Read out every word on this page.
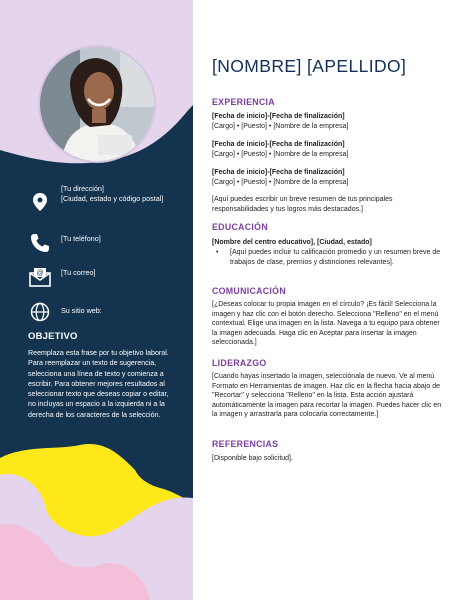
[Tu dirección]
[Ciudad, estado y código postal]
[Tu teléfono]
@ [Tu correo]
Su sitio web:
OBJETIVO
Reemplaza esta frase por tu objetivo laboral. Para reemplazar un texto de sugerencia, selecciona una línea de texto y comienza a escribir. Para obtener mejores resultados al seleccionar texto que deseas copiar o editar, no incluyas un espacio a la izquierda ni a la derecha de los caracteres de la selección.
[NOMBRE] [APELLIDO]
EXPERIENCIA
[Fecha de inicio]-[Fecha de finalización]
[Cargo] • [Puesto] • [Nombre de la empresa]
[Fecha de inicio]-[Fecha de finalización]
[Cargo] • [Puesto] • [Nombre de la empresa]
[Fecha de inicio]-[Fecha de finalización]
[Cargo] • [Puesto] • [Nombre de la empresa]
[Aquí puedes escribir un breve resumen de tus principales responsabilidades y tus logros más destacados.]
EDUCACIÓN
[Nombre del centro educativo], [Ciudad, estado]
• [Aquí puedes incluir tu calificación promedio y un resumen breve de trabajos de clase, premios y distinciones relevantes].
COMUNICACIÓN
[¿Deseas colocar tu propia imagen en el círculo? ¡Es fácil! Selecciona la imagen y haz clic con el botón derecho. Selecciona "Relleno" en el menú contextual. Elige una imagen en la lista. Navega a tu equipo para obtener la imagen adecuada. Haga clic en Aceptar para insertar la imagen seleccionada.]
LIDERAZGO
[Cuando hayas insertado la imagen, selecciónala de nuevo. Ve al menú Formato en Herramientas de imagen. Haz clic en la flecha hacia abajo de "Recortar" y selecciona "Relleno" en la lista. Esta acción ajustará automáticamente la imagen para recortar la imagen. Puedes hacer clic en la imagen y arrastrarla para colocarla correctamente.]
REFERENCIAS
[Disponible bajo solicitud].
